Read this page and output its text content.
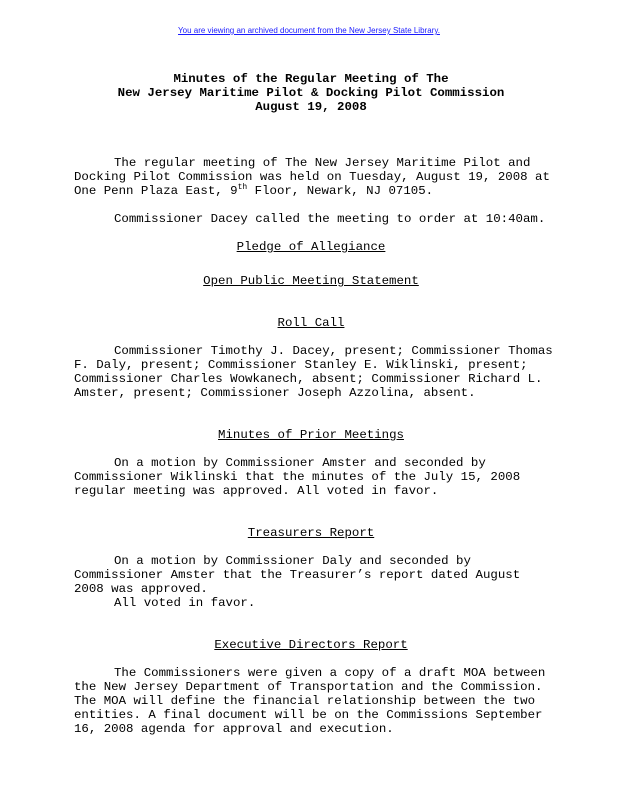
You are viewing an archived document from the New Jersey State Library.
Minutes of the Regular Meeting of The
New Jersey Maritime Pilot & Docking Pilot Commission
August 19, 2008
The regular meeting of The New Jersey Maritime Pilot and
Docking Pilot Commission was held on Tuesday, August 19, 2008 at
One Penn Plaza East, 9th Floor, Newark, NJ 07105.
Commissioner Dacey called the meeting to order at 10:40am.
Pledge of Allegiance
Open Public Meeting Statement
Roll Call
Commissioner Timothy J. Dacey, present; Commissioner Thomas
F. Daly, present; Commissioner Stanley E. Wiklinski, present;
Commissioner Charles Wowkanech, absent; Commissioner Richard L.
Amster, present; Commissioner Joseph Azzolina, absent.
Minutes of Prior Meetings
On a motion by Commissioner Amster and seconded by
Commissioner Wiklinski that the minutes of the July 15, 2008
regular meeting was approved. All voted in favor.
Treasurers Report
On a motion by Commissioner Daly and seconded by
Commissioner Amster that the Treasurer’s report dated August
2008 was approved.
All voted in favor.
Executive Directors Report
The Commissioners were given a copy of a draft MOA between
the New Jersey Department of Transportation and the Commission.
The MOA will define the financial relationship between the two
entities. A final document will be on the Commissions September
16, 2008 agenda for approval and execution.
